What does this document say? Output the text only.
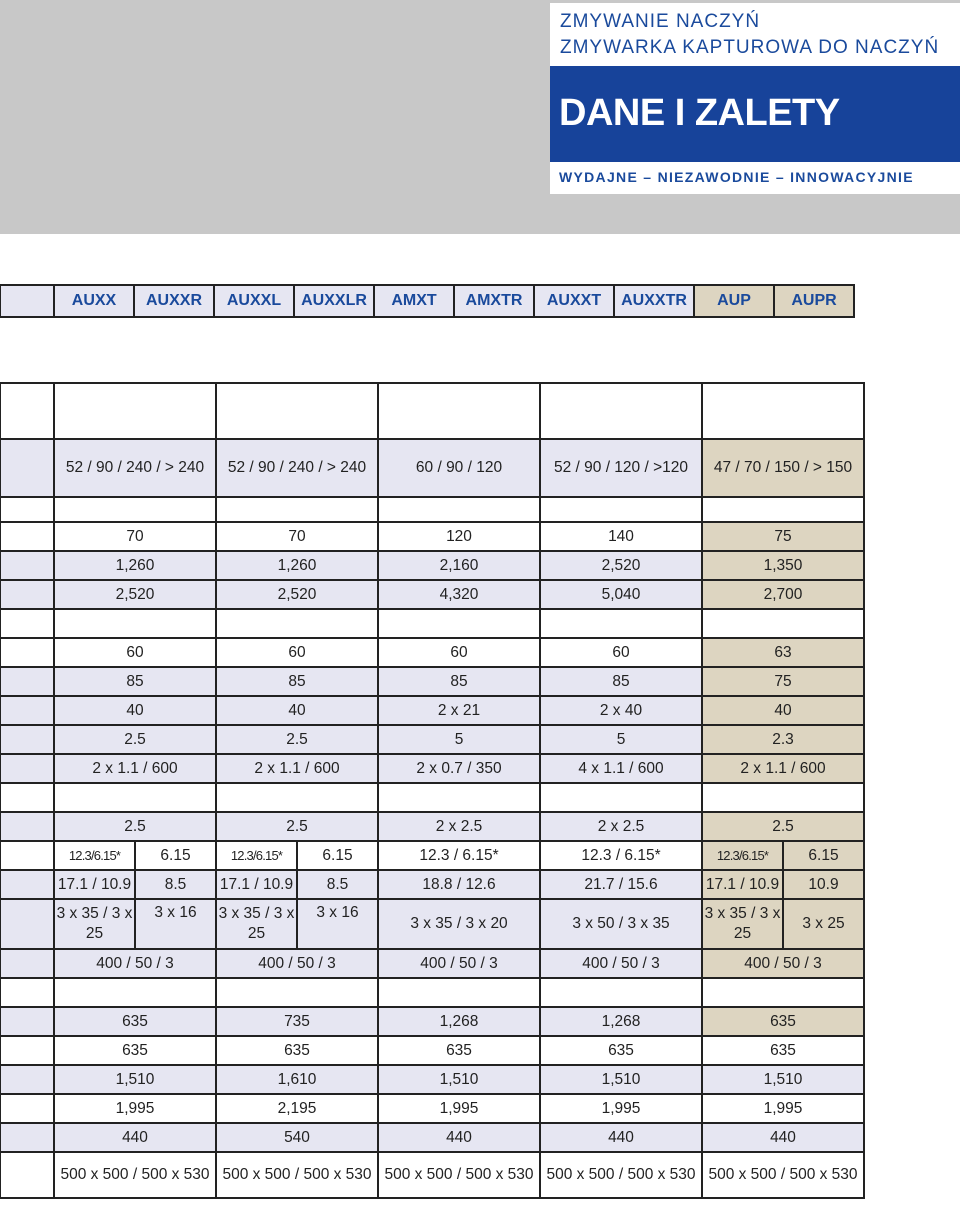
ZMYWANIE NACZYŃ
ZMYWARKA KAPTUROWA DO NACZYŃ
DANE I ZALETY
WYDAJNE – NIEZAWODNIE – INNOWACYJNIE
	AUXX	AUXXR	AUXXL	AUXXLR	AMXT	AMXTR	AUXXT	AUXXTR	AUP	AUPR

	52 / 90 / 240 / > 240		52 / 90 / 240 / > 240		60 / 90 / 120	52 / 90 / 120 / >120	47 / 70 / 150 / > 150	

	70		70		120	140	75	
	1,260		1,260		2,160	2,520	1,350	
	2,520		2,520		4,320	5,040	2,700	

	60		60		60	60	63	
	85		85		85	85	75	
	40		40		2 x 21	2 x 40	40	
	2.5		2.5		5	5	2.3	
	2 x 1.1 / 600		2 x 1.1 / 600		2 x 0.7 / 350	4 x 1.1 / 600	2 x 1.1 / 600	

	2.5		2.5		2 x 2.5	2 x 2.5	2.5	
	12.3/6.15*	6.15	12.3/6.15*	6.15	12.3 / 6.15*	12.3 / 6.15*	12.3/6.15*	6.15
	17.1 / 10.9	8.5	17.1 / 10.9	8.5	18.8 / 12.6	21.7 / 15.6	17.1 / 10.9	10.9
	3 x 35 / 3 x 25	3 x 16	3 x 35 / 3 x 25	3 x 16	3 x 35 / 3 x 20	3 x 50 / 3 x 35	3 x 35 / 3 x 25	3 x 25
	400 / 50 / 3		400 / 50 / 3		400 / 50 / 3	400 / 50 / 3	400 / 50 / 3	

	635		735		1,268	1,268	635	
	635		635		635	635	635	
	1,510		1,610		1,510	1,510	1,510	
	1,995		2,195		1,995	1,995	1,995	
	440		540		440	440	440	
	500 x 500 / 500 x 530		500 x 500 / 500 x 530		500 x 500 / 500 x 530	500 x 500 / 500 x 530	500 x 500 / 500 x 530	
